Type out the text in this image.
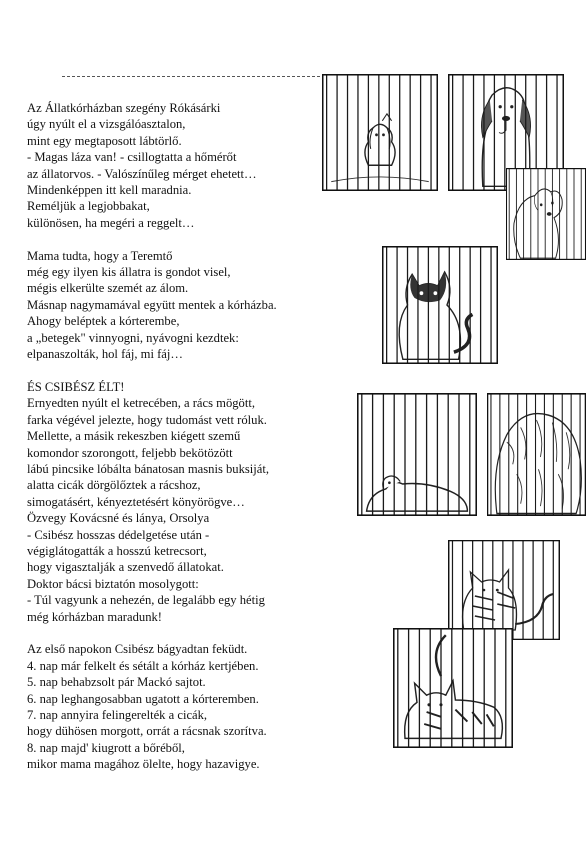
Az Állatkórházban szegény Rókásárki
úgy nyúlt el a vizsgálóasztalon,
mint egy megtaposott lábtörlő.
- Magas láza van! - csillogtatta a hőmérőt
az állatorvos. - Valószínűleg mérget ehetett…
Mindenképpen itt kell maradnia.
Reméljük a legjobbakat,
különösen, ha megéri a reggelt…
Mama tudta, hogy a Teremtő
még egy ilyen kis állatra is gondot visel,
mégis elkerülte szemét az álom.
Másnap nagymamával együtt mentek a kórházba.
Ahogy beléptek a kórterembe,
a „betegek" vinnyogni, nyávogni kezdtek:
elpanaszolták, hol fáj, mi fáj…
ÉS CSIBÉSZ ÉLT!
Ernyedten nyúlt el ketrecében, a rács mögött,
farka végével jelezte, hogy tudomást vett róluk.
Mellette, a másik rekeszben kiégett szemű
komondor szorongott, feljebb bekötözött
lábú pincsike lóbálta bánatosan masnis buksiját,
alatta cicák dörgölőztek a rácshoz,
simogatásért, kényeztetésért könyörögve…
Özvegy Kovácsné és lánya, Orsolya
- Csibész hosszas dédelgetése után -
végiglátogatták a hosszú ketrecsort,
hogy vigasztalják a szenvedő állatokat.
Doktor bácsi biztatón mosolygott:
- Túl vagyunk a nehezén, de legalább egy hétig
még kórházban maradunk!
Az első napokon Csibész bágyadtan feküdt.
4. nap már felkelt és sétált a kórház kertjében.
5. nap behabzsolt pár Mackó sajtot.
6. nap leghangosabban ugatott a kórteremben.
7. nap annyira felingerelték a cicák,
hogy dühösen morgott, orrát a rácsnak szorítva.
8. nap majd' kiugrott a bőréből,
mikor mama magához ölelte, hogy hazavigye.
